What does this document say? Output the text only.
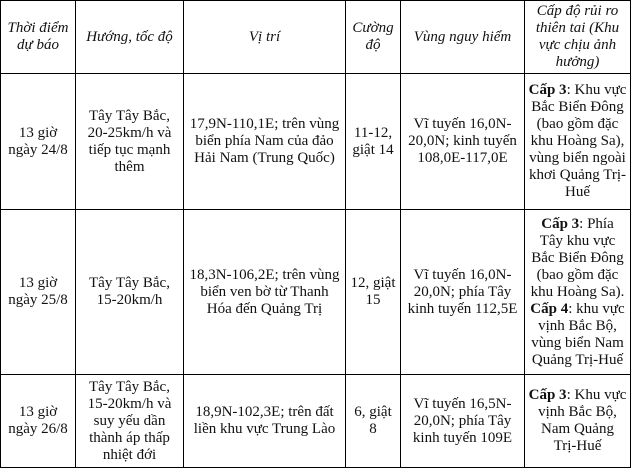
Thời điểm dự báo	Hướng, tốc độ	Vị trí	Cường độ	Vùng nguy hiểm	Cấp độ rủi ro thiên tai (Khu vực chịu ảnh hưởng)
13 giờ ngày 24/8	Tây Tây Bắc, 20-25km/h và tiếp tục mạnh thêm	17,9N-110,1E; trên vùng biển phía Nam của đảo Hải Nam (Trung Quốc)	11-12, giật 14	Vĩ tuyến 16,0N-20,0N; kinh tuyến 108,0E-117,0E	Cấp 3: Khu vực Bắc Biển Đông (bao gồm đặc khu Hoàng Sa), vùng biển ngoài khơi Quảng Trị-Huế

13 giờ ngày 25/8	Tây Tây Bắc, 15-20km/h	18,3N-106,2E; trên vùng biển ven bờ từ Thanh Hóa đến Quảng Trị	12, giật 15	Vĩ tuyến 16,0N-20,0N; phía Tây kinh tuyến 112,5E	Cấp 3: Phía Tây khu vực Bắc Biển Đông (bao gồm đặc khu Hoàng Sa).
Cấp 4: khu vực vịnh Bắc Bộ, vùng biển Nam Quảng Trị-Huế

13 giờ ngày 26/8	Tây Tây Bắc, 15-20km/h và suy yếu dần thành áp thấp nhiệt đới	18,9N-102,3E; trên đất liền khu vực Trung Lào	6, giật 8	Vĩ tuyến 16,5N-20,0N; phía Tây kinh tuyến 109E	Cấp 3: Khu vực vịnh Bắc Bộ, Nam Quảng Trị-Huế
